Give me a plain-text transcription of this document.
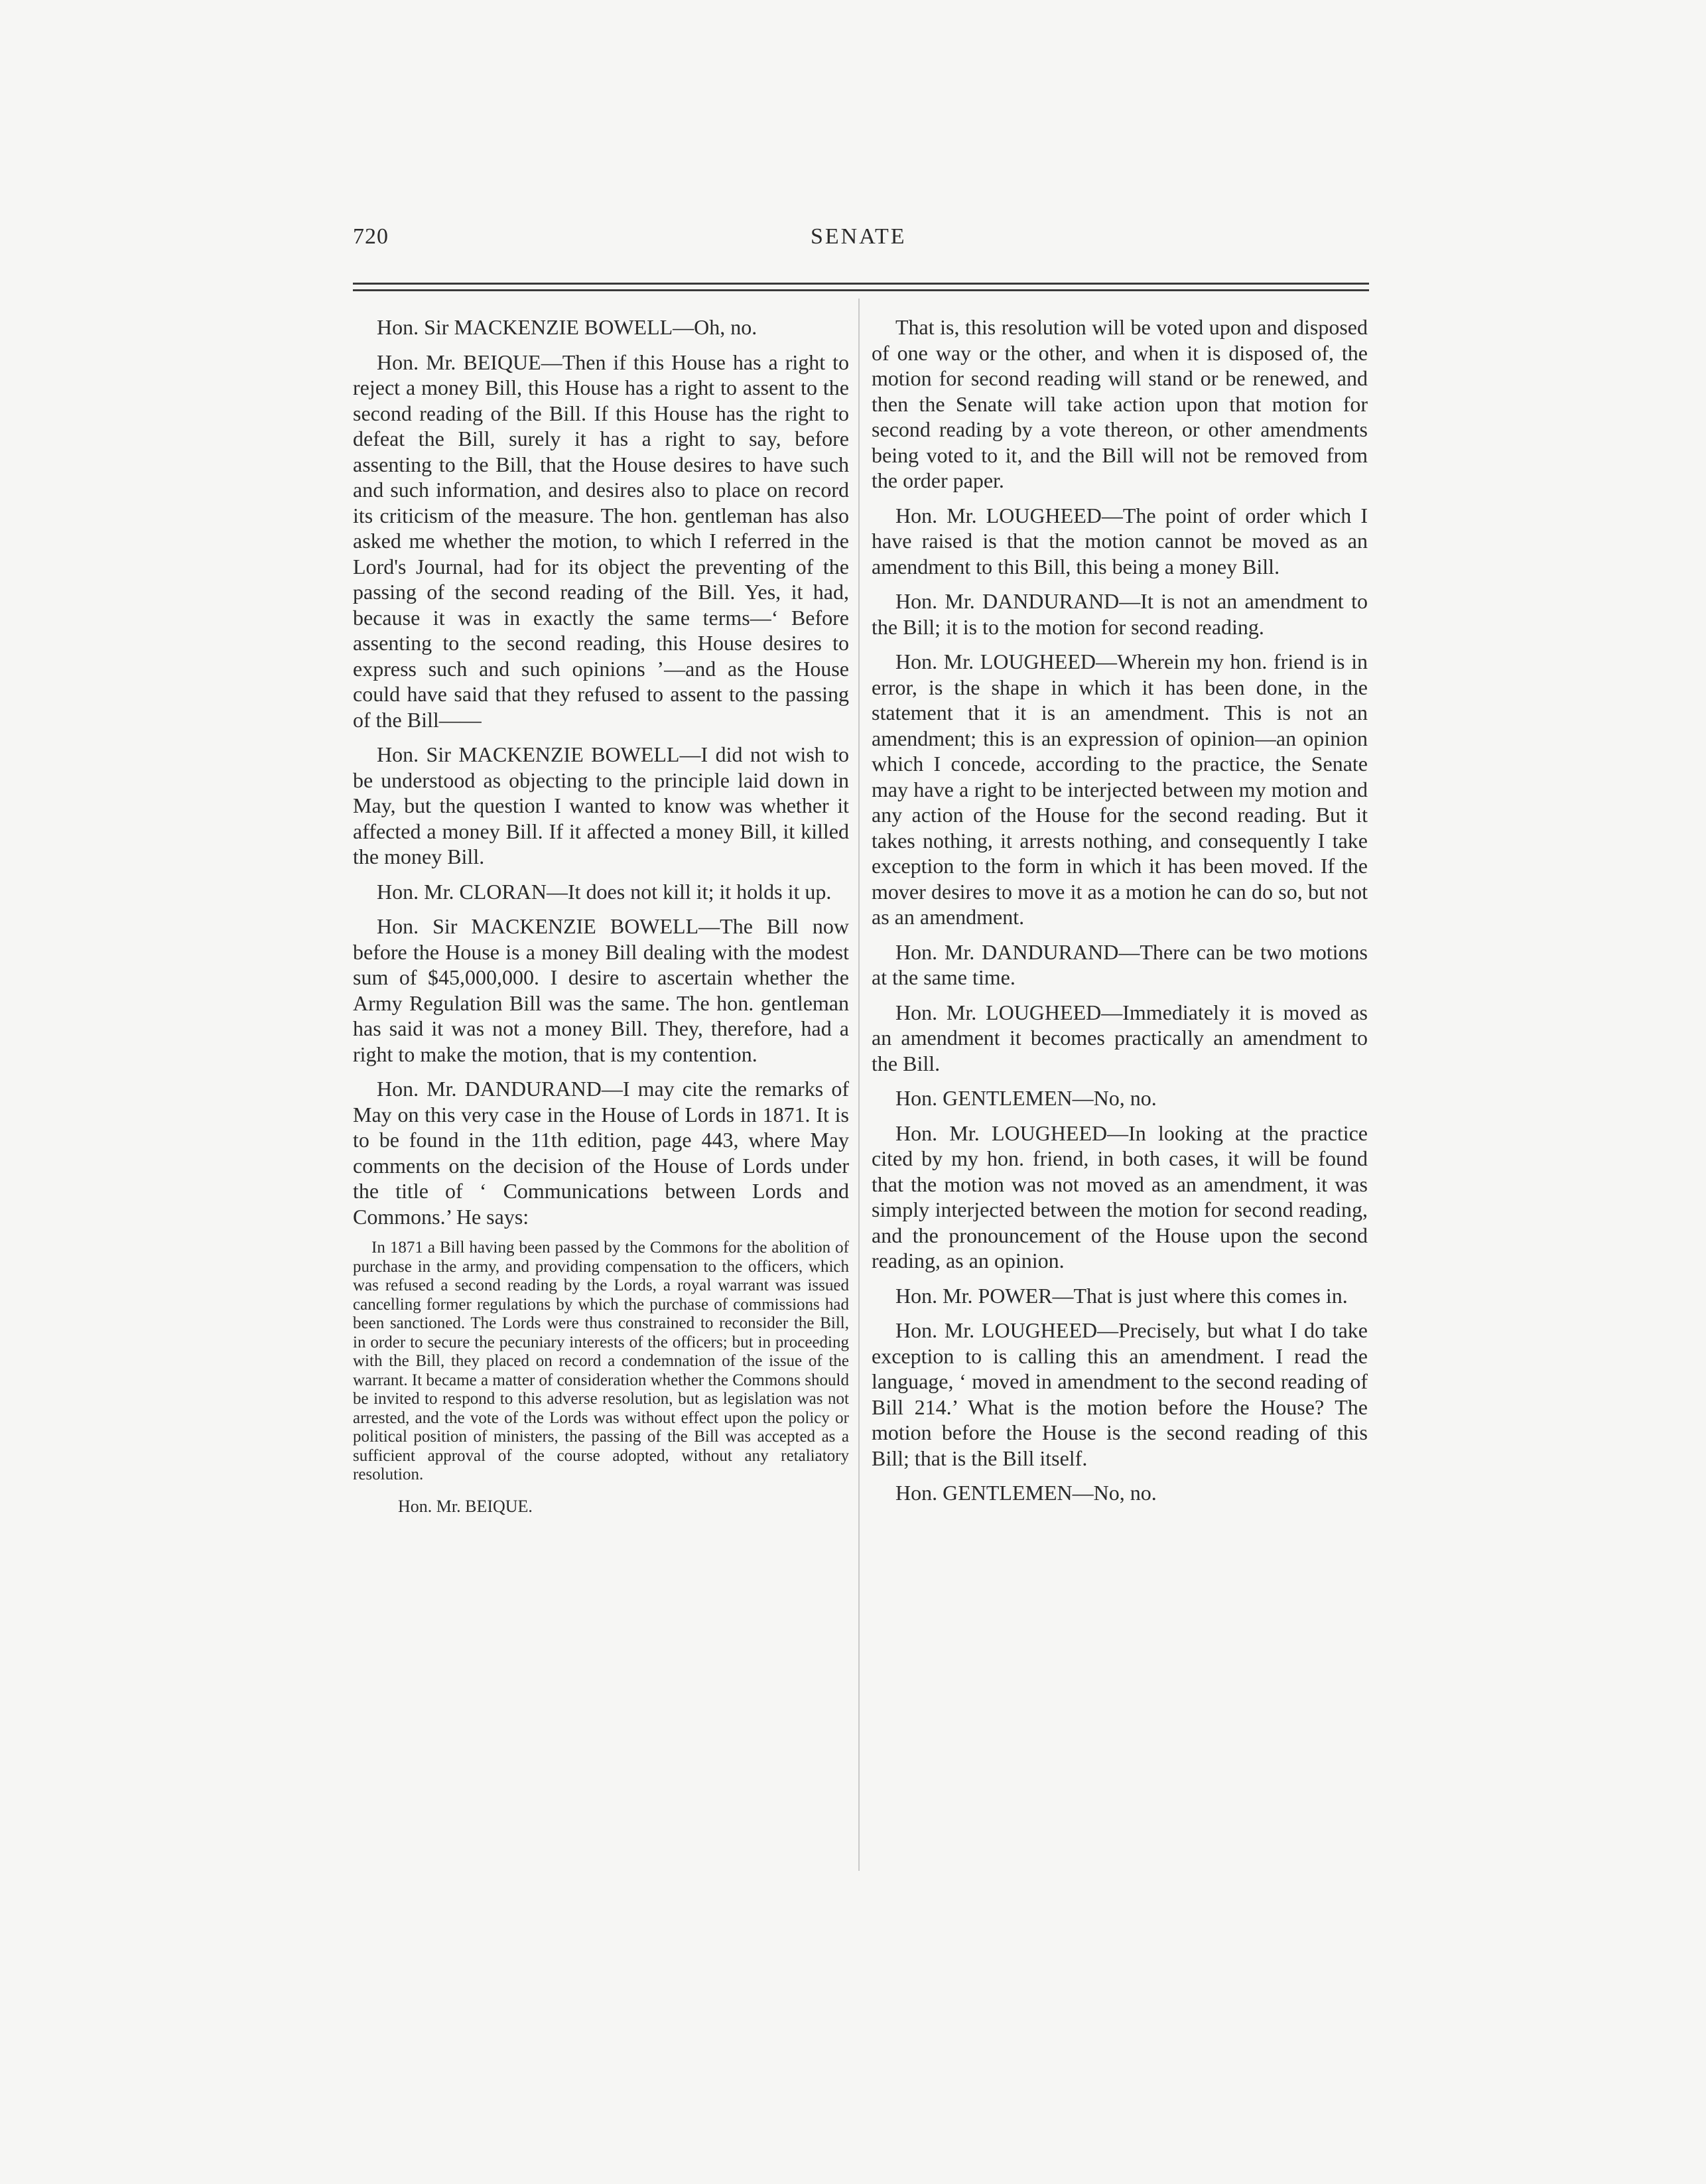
720	SENATE

Hon. Sir MACKENZIE BOWELL—Oh, no.

Hon. Mr. BEIQUE—Then if this House has a right to reject a money Bill, this House has a right to assent to the second reading of the Bill. If this House has the right to defeat the Bill, surely it has a right to say, before assenting to the Bill, that the House desires to have such and such information, and desires also to place on record its criticism of the measure. The hon. gentleman has also asked me whether the motion, to which I referred in the Lord's Journal, had for its object the preventing of the passing of the second reading of the Bill. Yes, it had, because it was in exactly the same terms—‘ Before assenting to the second reading, this House desires to express such and such opinions ’—and as the House could have said that they refused to assent to the passing of the Bill——

Hon. Sir MACKENZIE BOWELL—I did not wish to be understood as objecting to the principle laid down in May, but the question I wanted to know was whether it affected a money Bill. If it affected a money Bill, it killed the money Bill.

Hon. Mr. CLORAN—It does not kill it; it holds it up.

Hon. Sir MACKENZIE BOWELL—The Bill now before the House is a money Bill dealing with the modest sum of $45,000,000. I desire to ascertain whether the Army Regulation Bill was the same. The hon. gentleman has said it was not a money Bill. They, therefore, had a right to make the motion, that is my contention.

Hon. Mr. DANDURAND—I may cite the remarks of May on this very case in the House of Lords in 1871. It is to be found in the 11th edition, page 443, where May comments on the decision of the House of Lords under the title of ‘ Communications between Lords and Commons.’ He says:

In 1871 a Bill having been passed by the Commons for the abolition of purchase in the army, and providing compensation to the officers, which was refused a second reading by the Lords, a royal warrant was issued cancelling former regulations by which the purchase of commissions had been sanctioned. The Lords were thus constrained to reconsider the Bill, in order to secure the pecuniary interests of the officers; but in proceeding with the Bill, they placed on record a condemnation of the issue of the warrant. It became a matter of consideration whether the Commons should be invited to respond to this adverse resolution, but as legislation was not arrested, and the vote of the Lords was without effect upon the policy or political position of ministers, the passing of the Bill was accepted as a sufficient approval of the course adopted, without any retaliatory resolution.

Hon. Mr. BEIQUE.

That is, this resolution will be voted upon and disposed of one way or the other, and when it is disposed of, the motion for second reading will stand or be renewed, and then the Senate will take action upon that motion for second reading by a vote thereon, or other amendments being voted to it, and the Bill will not be removed from the order paper.

Hon. Mr. LOUGHEED—The point of order which I have raised is that the motion cannot be moved as an amendment to this Bill, this being a money Bill.

Hon. Mr. DANDURAND—It is not an amendment to the Bill; it is to the motion for second reading.

Hon. Mr. LOUGHEED—Wherein my hon. friend is in error, is the shape in which it has been done, in the statement that it is an amendment. This is not an amendment; this is an expression of opinion—an opinion which I concede, according to the practice, the Senate may have a right to be interjected between my motion and any action of the House for the second reading. But it takes nothing, it arrests nothing, and consequently I take exception to the form in which it has been moved. If the mover desires to move it as a motion he can do so, but not as an amendment.

Hon. Mr. DANDURAND—There can be two motions at the same time.

Hon. Mr. LOUGHEED—Immediately it is moved as an amendment it becomes practically an amendment to the Bill.

Hon. GENTLEMEN—No, no.

Hon. Mr. LOUGHEED—In looking at the practice cited by my hon. friend, in both cases, it will be found that the motion was not moved as an amendment, it was simply interjected between the motion for second reading, and the pronouncement of the House upon the second reading, as an opinion.

Hon. Mr. POWER—That is just where this comes in.

Hon. Mr. LOUGHEED—Precisely, but what I do take exception to is calling this an amendment. I read the language, ‘ moved in amendment to the second reading of Bill 214.’ What is the motion before the House? The motion before the House is the second reading of this Bill; that is the Bill itself.

Hon. GENTLEMEN—No, no.
